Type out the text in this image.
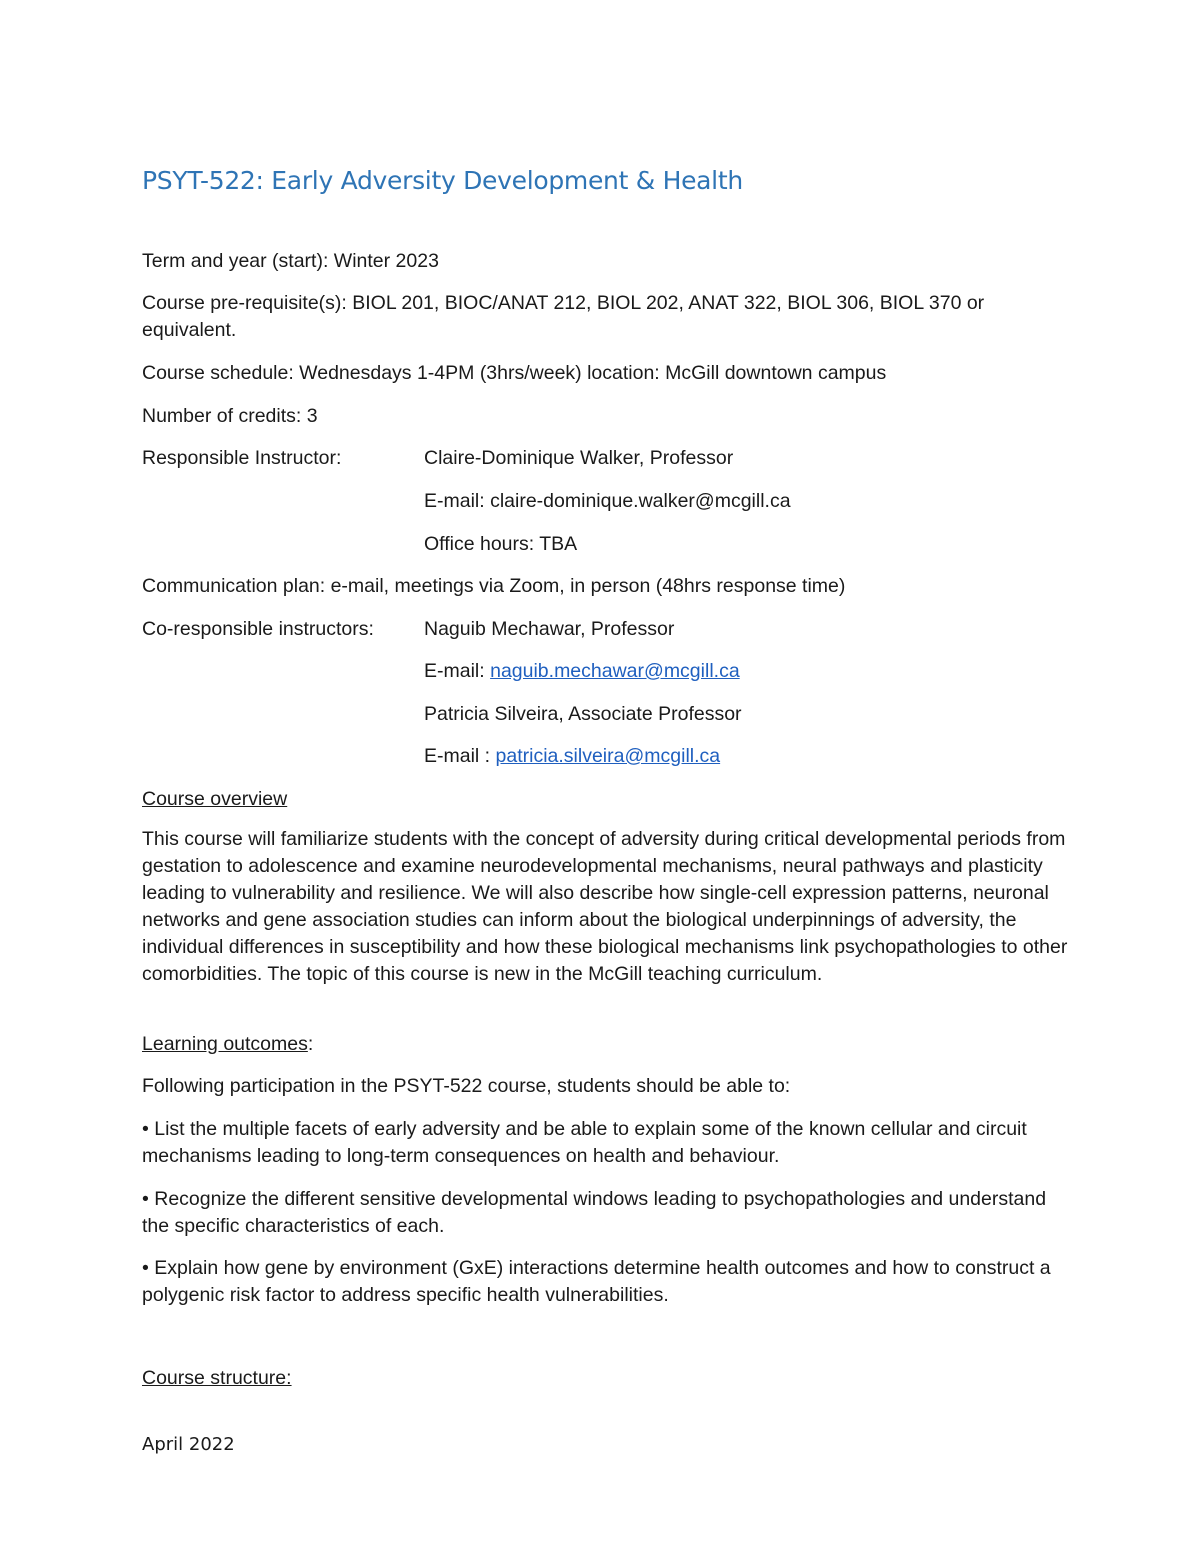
PSYT-522: Early Adversity Development & Health
Term and year (start): Winter 2023
Course pre-requisite(s): BIOL 201, BIOC/ANAT 212, BIOL 202, ANAT 322, BIOL 306, BIOL 370 or equivalent.
Course schedule: Wednesdays 1-4PM (3hrs/week) location: McGill downtown campus
Number of credits: 3
Responsible Instructor:	Claire-Dominique Walker, Professor
E-mail: claire-dominique.walker@mcgill.ca
Office hours: TBA
Communication plan: e-mail, meetings via Zoom, in person (48hrs response time)
Co-responsible instructors:	Naguib Mechawar, Professor
E-mail: naguib.mechawar@mcgill.ca
Patricia Silveira, Associate Professor
E-mail : patricia.silveira@mcgill.ca
Course overview
This course will familiarize students with the concept of adversity during critical developmental periods from gestation to adolescence and examine neurodevelopmental mechanisms, neural pathways and plasticity leading to vulnerability and resilience. We will also describe how single-cell expression patterns, neuronal networks and gene association studies can inform about the biological underpinnings of adversity, the individual differences in susceptibility and how these biological mechanisms link psychopathologies to other comorbidities. The topic of this course is new in the McGill teaching curriculum.
Learning outcomes:
Following participation in the PSYT-522 course, students should be able to:
• List the multiple facets of early adversity and be able to explain some of the known cellular and circuit mechanisms leading to long-term consequences on health and behaviour.
• Recognize the different sensitive developmental windows leading to psychopathologies and understand the specific characteristics of each.
• Explain how gene by environment (GxE) interactions determine health outcomes and how to construct a polygenic risk factor to address specific health vulnerabilities.
Course structure:
April 2022
